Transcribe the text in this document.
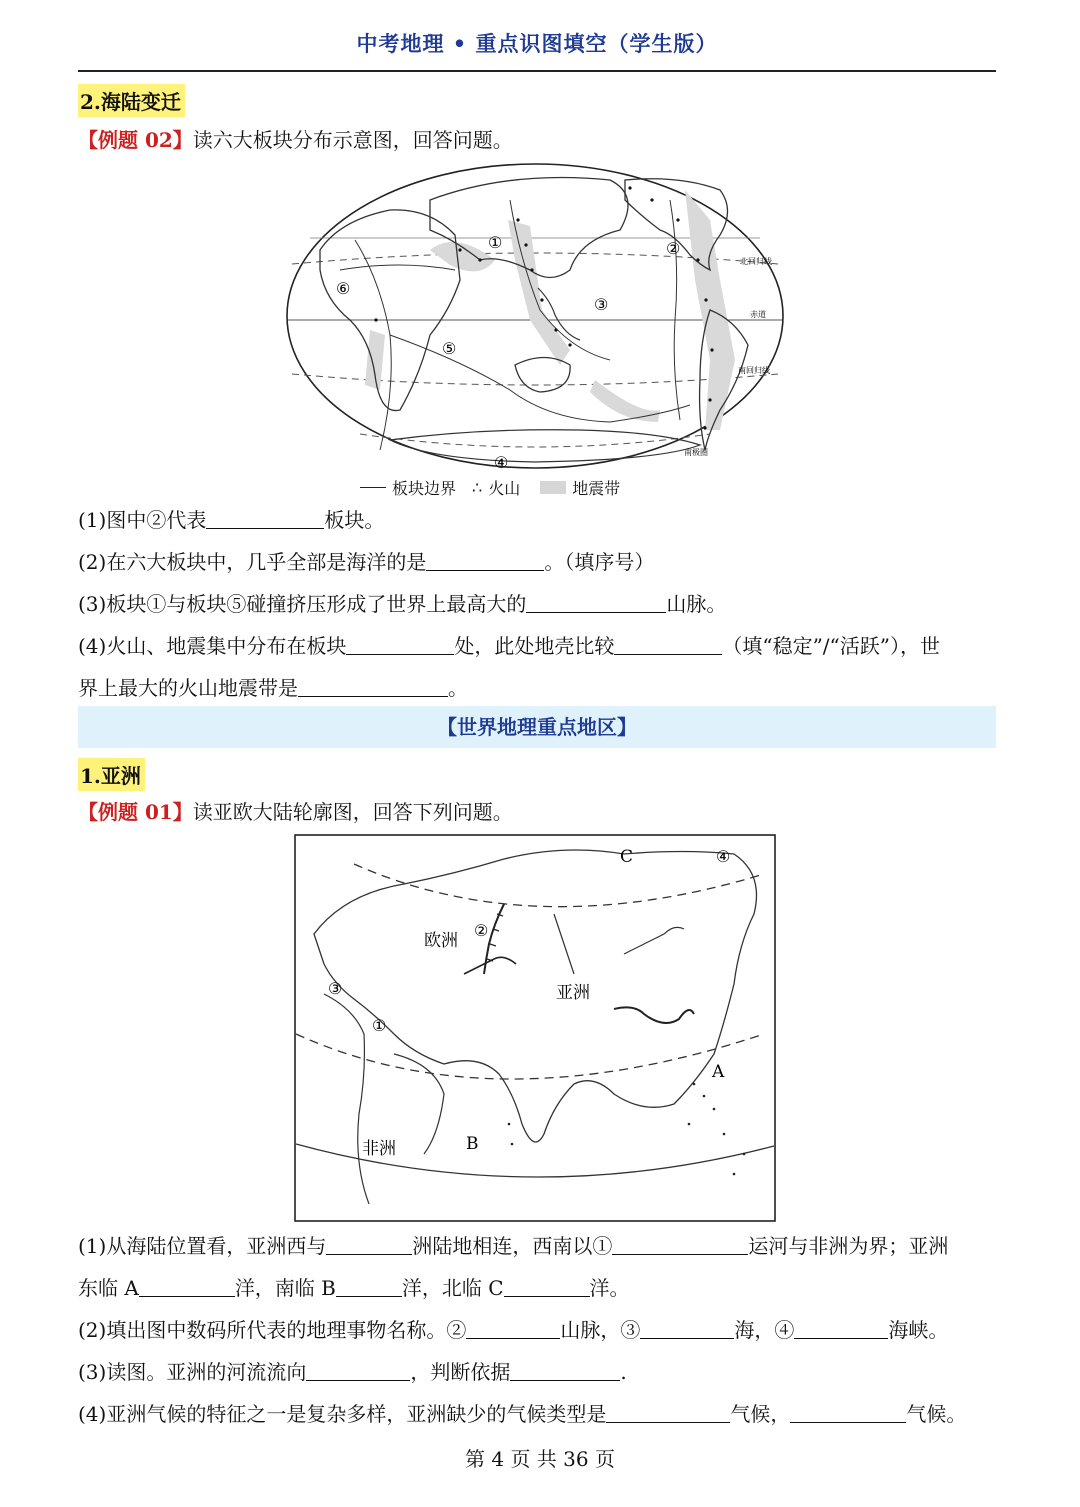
中考地理 • 重点识图填空（学生版）
2.海陆变迁
【例题 02】读六大板块分布示意图，回答问题。
①	②
③
④
⑤
⑥
北回归线
赤道
南回归线
南极圈
板块边界 ∴ 火山	地震带
(1)图中②代表	板块。
(2)在六大板块中，几乎全部是海洋的是	。（填序号）
(3)板块①与板块⑤碰撞挤压形成了世界上最高大的	山脉。
(4)火山、地震集中分布在板块	处，此处地壳比较	（填“稳定”/“活跃”），世
界上最大的火山地震带是	。
【世界地理重点地区】
1.亚洲
【例题 01】读亚欧大陆轮廓图，回答下列问题。
欧洲
亚洲
非洲
A
B
C
①
②
③
④
(1)从海陆位置看，亚洲西与	洲陆地相连，西南以①	运河与非洲为界；亚洲
东临 A	洋，南临 B	洋，北临 C	洋。
(2)填出图中数码所代表的地理事物名称。②	山脉，③	海，④	海峡。
(3)读图。亚洲的河流流向	，判断依据	.
(4)亚洲气候的特征之一是复杂多样，亚洲缺少的气候类型是	气候，	气候。
第 4 页 共 36 页
